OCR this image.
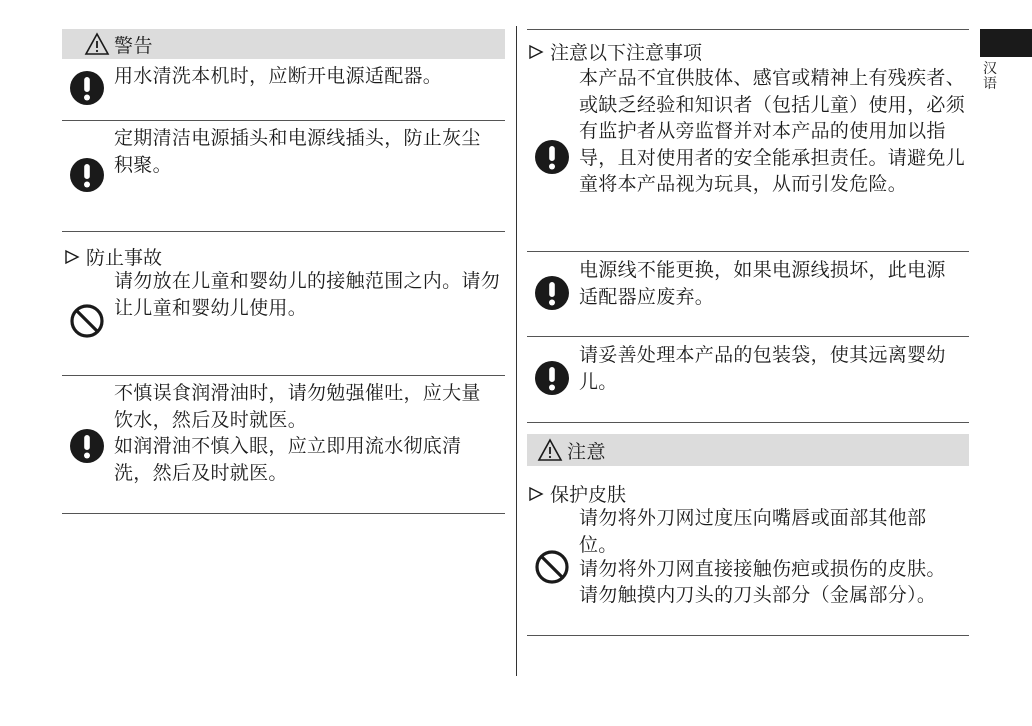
警告
用水清洗本机时，应断开电源适配器。
定期清洁电源插头和电源线插头，防止灰尘积聚。
防止事故
请勿放在儿童和婴幼儿的接触范围之内。请勿让儿童和婴幼儿使用。
不慎误食润滑油时，请勿勉强催吐，应大量饮水，然后及时就医。
如润滑油不慎入眼，应立即用流水彻底清洗，然后及时就医。
注意以下注意事项
本产品不宜供肢体、感官或精神上有残疾者、或缺乏经验和知识者（包括儿童）使用，必须有监护者从旁监督并对本产品的使用加以指导，且对使用者的安全能承担责任。请避免儿童将本产品视为玩具，从而引发危险。
电源线不能更换，如果电源线损坏，此电源适配器应废弃。
请妥善处理本产品的包装袋，使其远离婴幼儿。
注意
保护皮肤
请勿将外刀网过度压向嘴唇或面部其他部位。
请勿将外刀网直接接触伤疤或损伤的皮肤。
请勿触摸内刀头的刀头部分（金属部分）。
汉语
